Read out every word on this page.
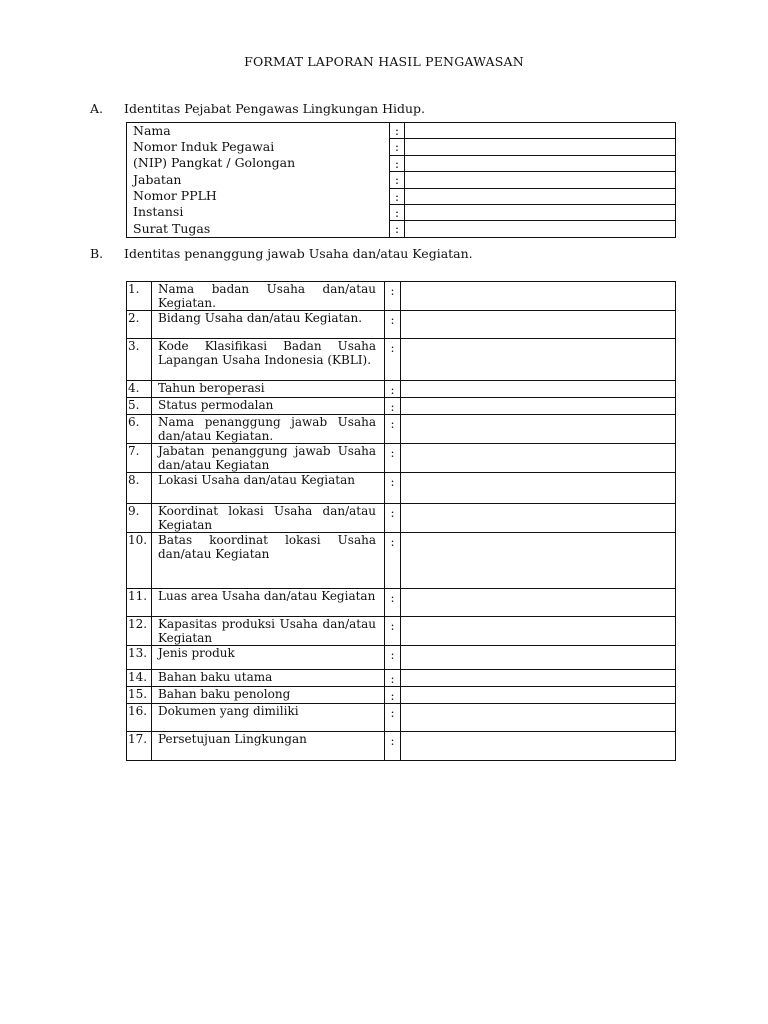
FORMAT LAPORAN HASIL PENGAWASAN
A. Identitas Pejabat Pengawas Lingkungan Hidup.
Nama	:	
Nomor Induk Pegawai	:	
(NIP) Pangkat / Golongan	:	
Jabatan	:	
Nomor PPLH	:	
Instansi	:	
Surat Tugas	:	
B. Identitas penanggung jawab Usaha dan/atau Kegiatan.
1.	Nama badan Usaha dan/atau Kegiatan.	:	
2.	Bidang Usaha dan/atau Kegiatan.	:	
3.	Kode Klasifikasi Badan Usaha Lapangan Usaha Indonesia (KBLI).	:	
4.	Tahun beroperasi	:	
5.	Status permodalan	:	
6.	Nama penanggung jawab Usaha dan/atau Kegiatan.	:	
7.	Jabatan penanggung jawab Usaha dan/atau Kegiatan	:	
8.	Lokasi Usaha dan/atau Kegiatan	:	
9.	Koordinat lokasi Usaha dan/atau Kegiatan	:	
10.	Batas koordinat lokasi Usaha dan/atau Kegiatan	:	
11.	Luas area Usaha dan/atau Kegiatan	:	
12.	Kapasitas produksi Usaha dan/atau Kegiatan	:	
13.	Jenis produk	:	
14.	Bahan baku utama	:	
15.	Bahan baku penolong	:	
16.	Dokumen yang dimiliki	:	
17.	Persetujuan Lingkungan	:	
